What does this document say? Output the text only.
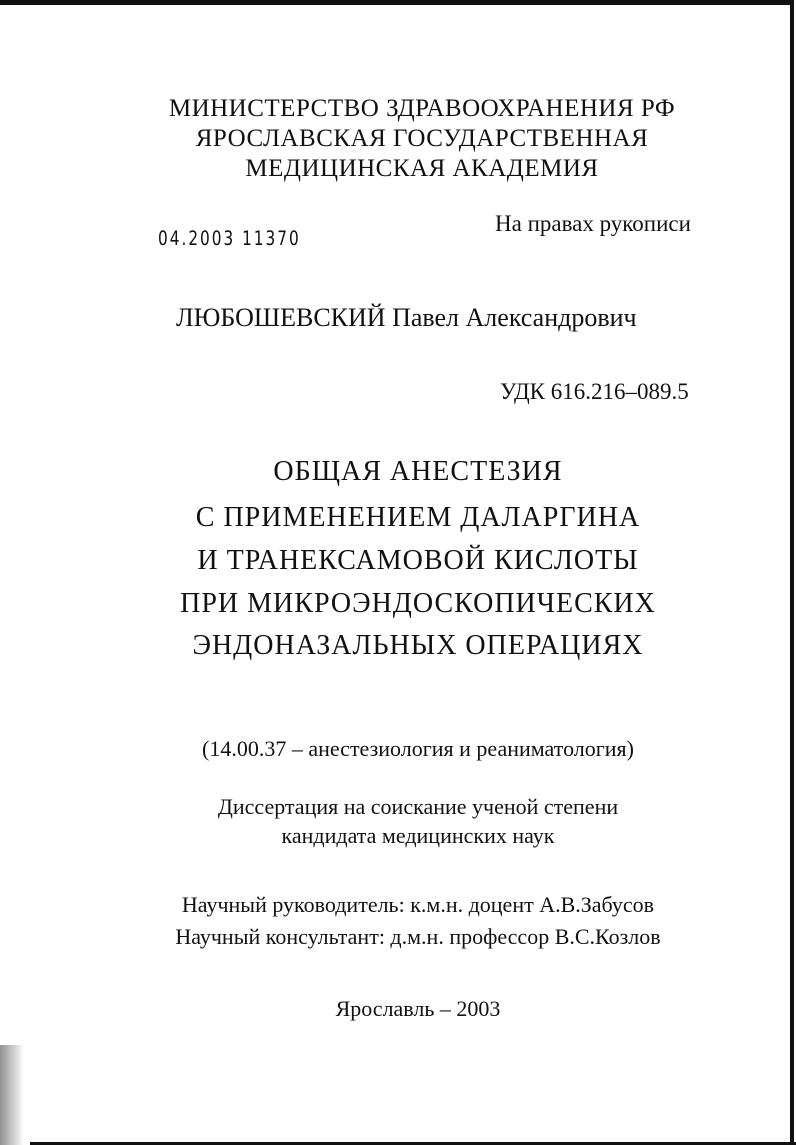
МИНИСТЕРСТВО ЗДРАВООХРАНЕНИЯ РФ
ЯРОСЛАВСКАЯ ГОСУДАРСТВЕННАЯ
МЕДИЦИНСКАЯ АКАДЕМИЯ
На правах рукописи
04.2003 11370
ЛЮБОШЕВСКИЙ Павел Александрович
УДК 616.216–089.5
ОБЩАЯ АНЕСТЕЗИЯ
С ПРИМЕНЕНИЕМ ДАЛАРГИНА
И ТРАНЕКСАМОВОЙ КИСЛОТЫ
ПРИ МИКРОЭНДОСКОПИЧЕСКИХ
ЭНДОНАЗАЛЬНЫХ ОПЕРАЦИЯХ
(14.00.37 – анестезиология и реаниматология)
Диссертация на соискание ученой степени
кандидата медицинских наук
Научный руководитель: к.м.н. доцент А.В.Забусов
Научный консультант: д.м.н. профессор В.С.Козлов
Ярославль – 2003
